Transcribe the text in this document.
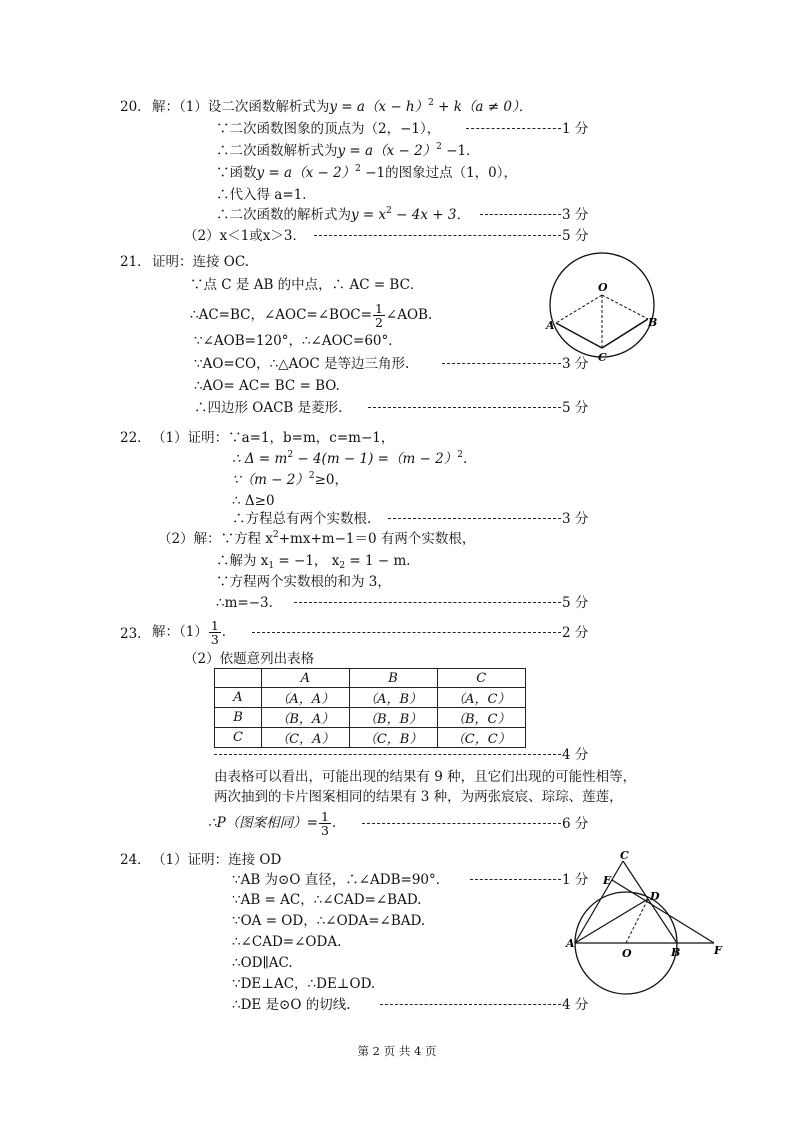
20． 解：（1）设二次函数解析式为$y = a(x - h)^2 + k(a \ne 0)$．
∵二次函数图象的顶点为（2，−1），	1 分
∴二次函数解析式为$y = a(x - 2)^2 -1$．
∵函数$y = a(x - 2)^2 -1$的图象过点（1，0），
∴代入得 a=1．
∴二次函数的解析式为$y = x^2 - 4x + 3$．	3 分
（2）x＜1或x＞3．	5 分
21． 证明：连接 OC.
∵点 C 是 AB 的中点，∴ AC = BC．
∴AC=BC，∠AOC=∠BOC= $\frac{1}{2}$ ∠AOB.
∵∠AOB=120°，∴∠AOC=60°．
∵AO=CO，∴△AOC 是等边三角形.	3 分
∴AO= AC= BC = BO.
∴四边形 OACB 是菱形.	5 分
O
A	B
C
22． （1）证明：∵a=1，b=m，c=m−1，
∴ $\Delta = m^2 - 4(m - 1) =(m - 2)^2$．
∵（m − 2）$^2$≥0，
∴ Δ≥0
∴方程总有两个实数根.	3 分
（2）解：∵方程 $x^2+mx+m-1=0$ 有两个实数根，
∴解为 $x_1 = -1$， $x_2 = 1 - m$．
∵方程两个实数根的和为 3，
∴m=−3.	5 分
23． 解：$(1) \frac{1}{3}$ ．	2 分
（2）依题意列出表格
	A	B	C
A	（A，A）	（A，B）	（A，C）
B	（B，A）	（B，B）	（B，C）
C	（C，A）	（C，B）	（C，C）
4 分
由表格可以看出，可能出现的结果有 9 种，且它们出现的可能性相等，
两次抽到的卡片图案相同的结果有 3 种，为两张宸宸、琮琮、莲莲，
∴P（图案相同）= $\frac{1}{3}$ ．	6 分
24． （1）证明：连接 OD
∵AB 为⊙O 直径，∴∠ADB=90°．	1 分
∵AB = AC，∴∠CAD=∠BAD.
∵OA = OD，∴∠ODA=∠BAD.
∴∠CAD=∠ODA.
∴OD∥AC.
∵DE⊥AC，∴DE⊥OD.
∴DE 是⊙O 的切线.	4 分
C
E
D
A
O	B	F
第 2 页 共 4 页
